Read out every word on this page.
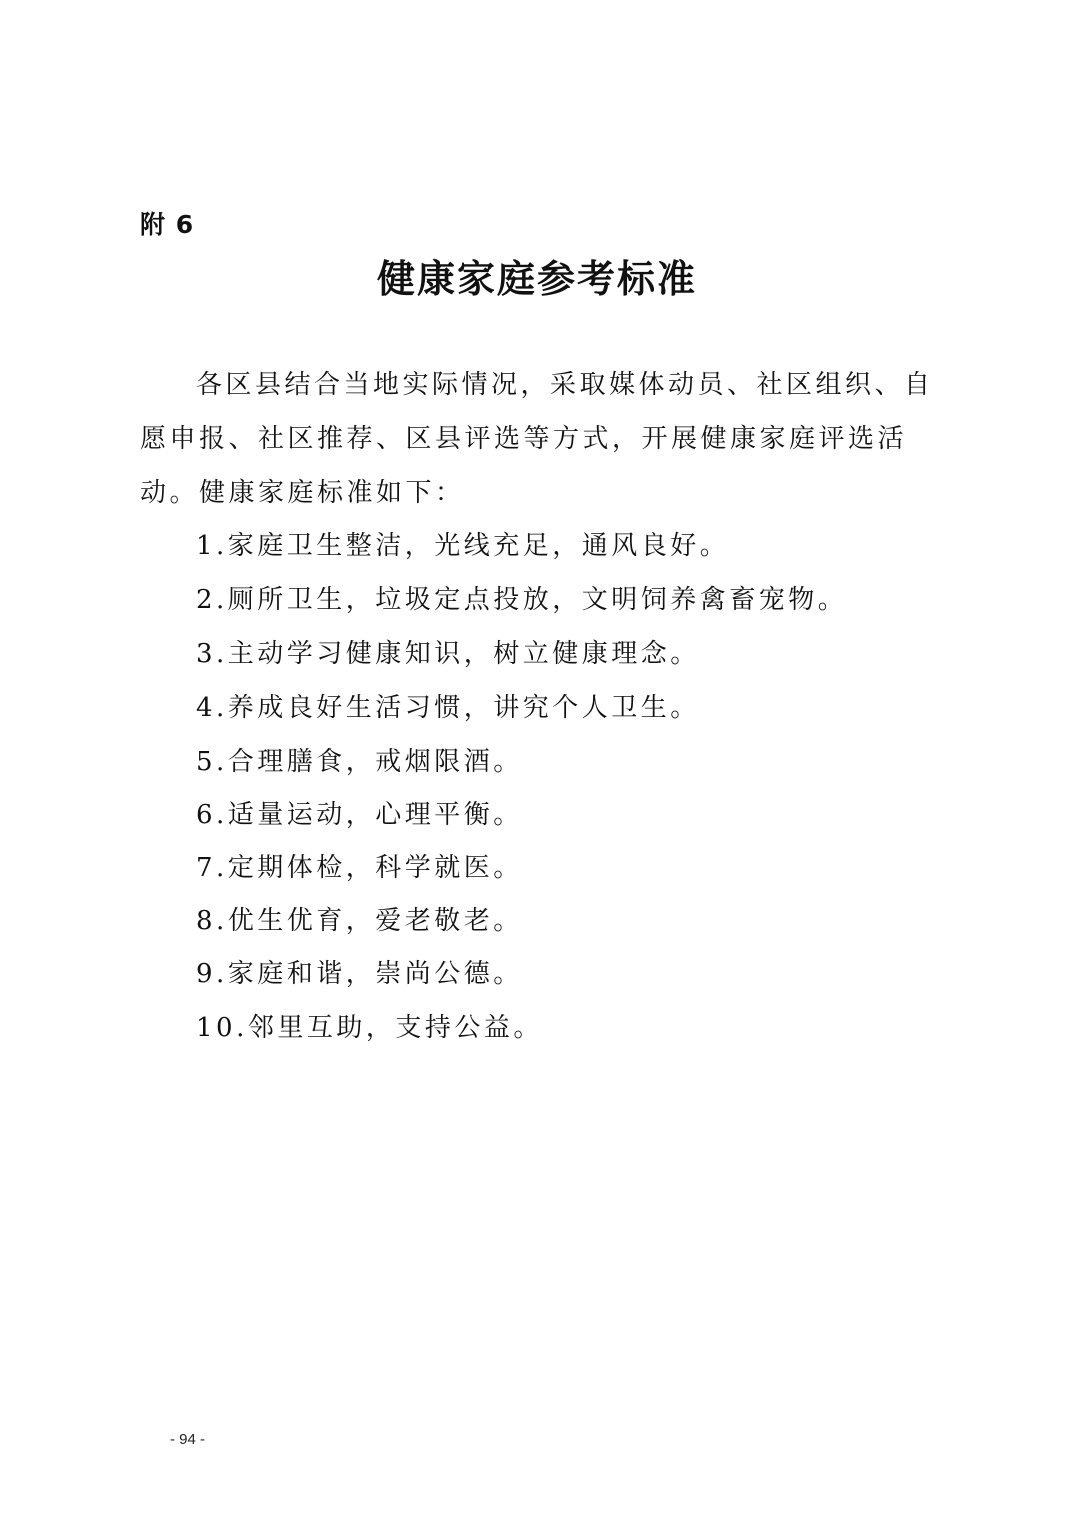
附 6
健康家庭参考标准

各区县结合当地实际情况，采取媒体动员、社区组织、自愿申报、社区推荐、区县评选等方式，开展健康家庭评选活动。健康家庭标准如下：

1.家庭卫生整洁，光线充足，通风良好。
2.厕所卫生，垃圾定点投放，文明饲养禽畜宠物。
3.主动学习健康知识，树立健康理念。
4.养成良好生活习惯，讲究个人卫生。
5.合理膳食，戒烟限酒。
6.适量运动，心理平衡。
7.定期体检，科学就医。
8.优生优育，爱老敬老。
9.家庭和谐，崇尚公德。
10.邻里互助，支持公益。
- 94 -
